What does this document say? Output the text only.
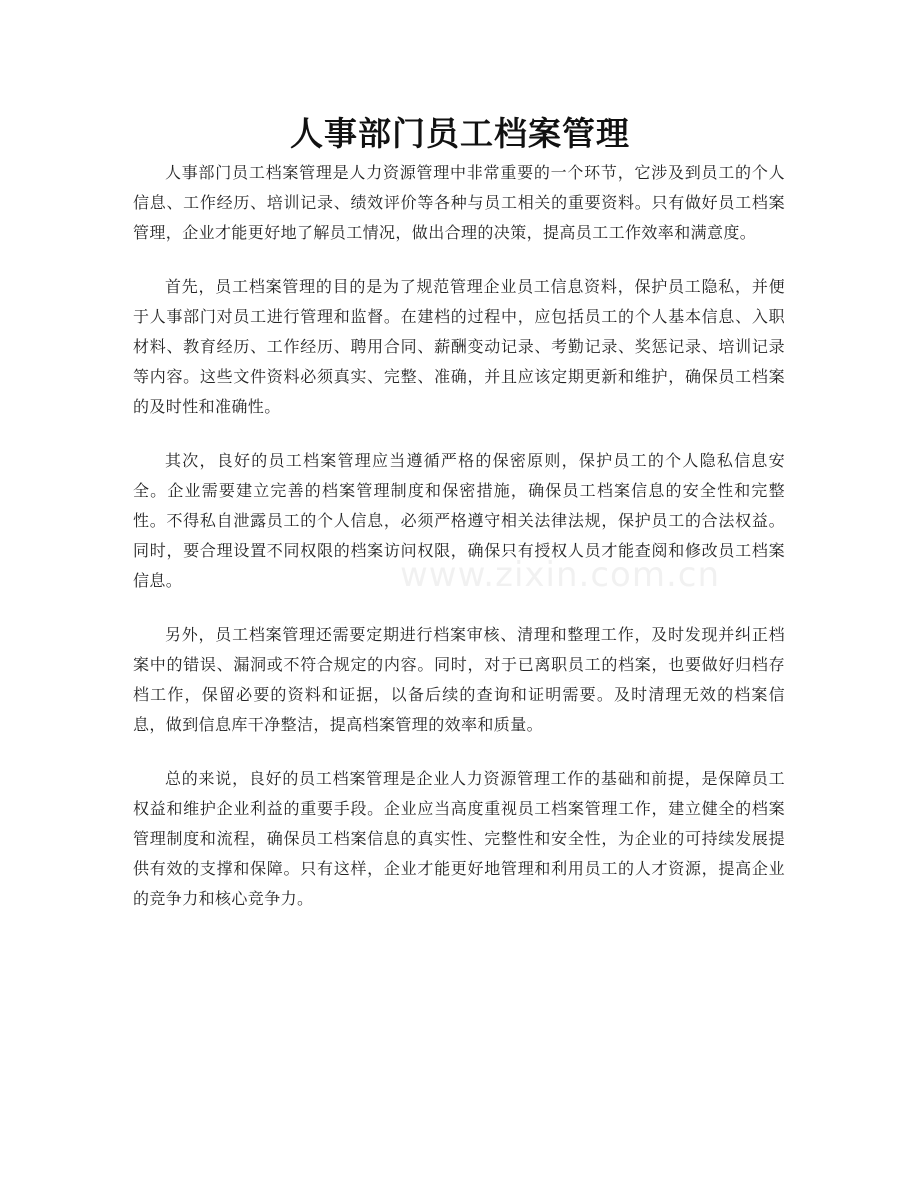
www.zixin.com.cn
人事部门员工档案管理

人事部门员工档案管理是人力资源管理中非常重要的一个环节，它涉及到员工的个人信息、工作经历、培训记录、绩效评价等各种与员工相关的重要资料。只有做好员工档案管理，企业才能更好地了解员工情况，做出合理的决策，提高员工工作效率和满意度。

首先，员工档案管理的目的是为了规范管理企业员工信息资料，保护员工隐私，并便于人事部门对员工进行管理和监督。在建档的过程中，应包括员工的个人基本信息、入职材料、教育经历、工作经历、聘用合同、薪酬变动记录、考勤记录、奖惩记录、培训记录等内容。这些文件资料必须真实、完整、准确，并且应该定期更新和维护，确保员工档案的及时性和准确性。

其次，良好的员工档案管理应当遵循严格的保密原则，保护员工的个人隐私信息安全。企业需要建立完善的档案管理制度和保密措施，确保员工档案信息的安全性和完整性。不得私自泄露员工的个人信息，必须严格遵守相关法律法规，保护员工的合法权益。同时，要合理设置不同权限的档案访问权限，确保只有授权人员才能查阅和修改员工档案信息。

另外，员工档案管理还需要定期进行档案审核、清理和整理工作，及时发现并纠正档案中的错误、漏洞或不符合规定的内容。同时，对于已离职员工的档案，也要做好归档存档工作，保留必要的资料和证据，以备后续的查询和证明需要。及时清理无效的档案信息，做到信息库干净整洁，提高档案管理的效率和质量。

总的来说，良好的员工档案管理是企业人力资源管理工作的基础和前提，是保障员工权益和维护企业利益的重要手段。企业应当高度重视员工档案管理工作，建立健全的档案管理制度和流程，确保员工档案信息的真实性、完整性和安全性，为企业的可持续发展提供有效的支撑和保障。只有这样，企业才能更好地管理和利用员工的人才资源，提高企业的竞争力和核心竞争力。
